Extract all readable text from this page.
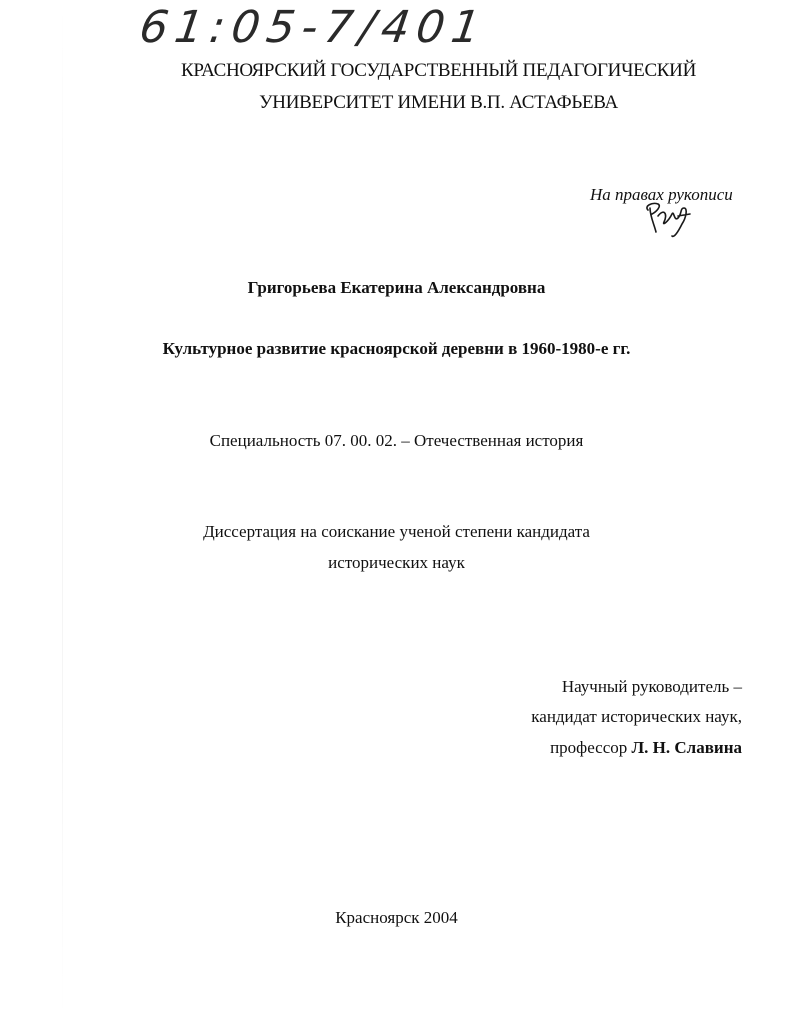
61:05-7/401
КРАСНОЯРСКИЙ ГОСУДАРСТВЕННЫЙ ПЕДАГОГИЧЕСКИЙ
УНИВЕРСИТЕТ ИМЕНИ В.П. АСТАФЬЕВА
На правах рукописи
Григорьева Екатерина Александровна
Культурное развитие красноярской деревни в 1960-1980-е гг.
Специальность 07. 00. 02. – Отечественная история
Диссертация на соискание ученой степени кандидата
исторических наук
Научный руководитель –
кандидат исторических наук,
профессор Л. Н. Славина
Красноярск 2004
